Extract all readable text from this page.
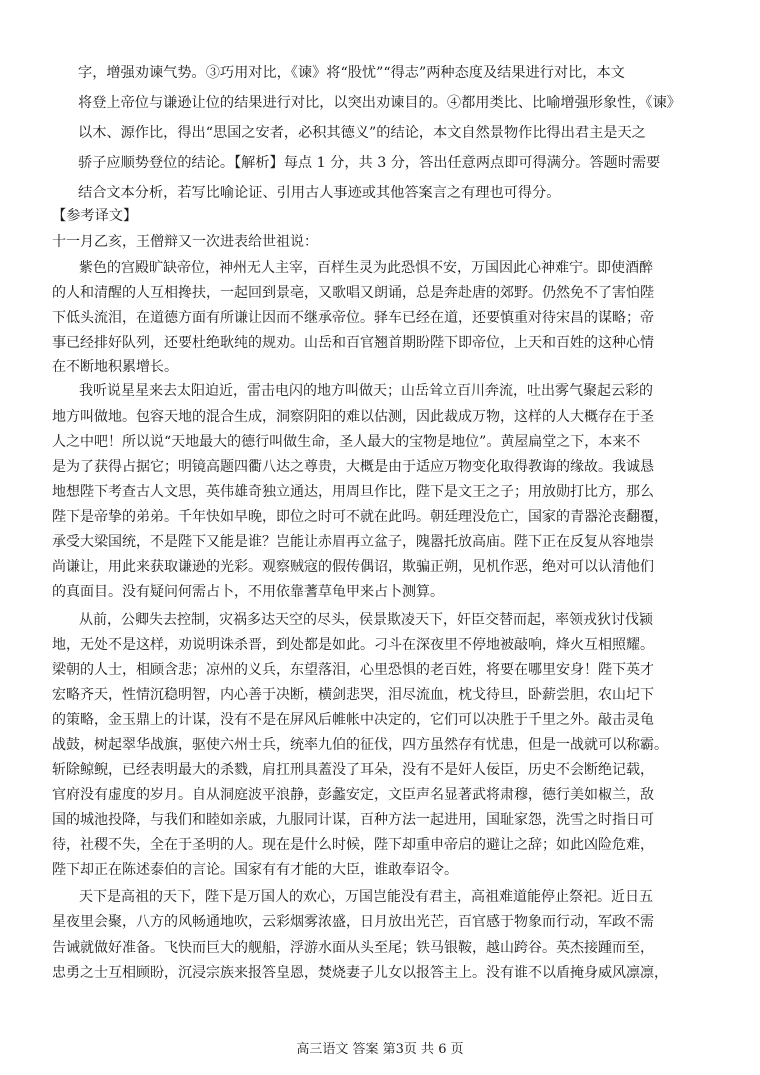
字，增强劝谏气势。③巧用对比，《谏》将“股忧”“得志”两种态度及结果进行对比，本文
将登上帝位与谦逊让位的结果进行对比，以突出劝谏目的。④都用类比、比喻增强形象性，《谏》
以木、源作比，得出“思国之安者，必积其德义”的结论，本文自然景物作比得出君主是天之
骄子应顺势登位的结论。【解析】每点 1 分，共 3 分，答出任意两点即可得满分。答题时需要
结合文本分析，若写比喻论证、引用古人事迹或其他答案言之有理也可得分。
【参考译文】
十一月乙亥，王僧辩又一次进表给世祖说：
紫色的宫殿旷缺帝位，神州无人主宰，百样生灵为此恐惧不安，万国因此心神难宁。即使酒醉
的人和清醒的人互相搀扶，一起回到景亳，又歌唱又朗诵，总是奔赴唐的郊野。仍然免不了害怕陛
下低头流泪，在道德方面有所谦让因而不继承帝位。驿车已经在道，还要慎重对待宋昌的谋略；帝
事已经排好队列，还要杜绝耿纯的规劝。山岳和百官翘首期盼陛下即帝位，上天和百姓的这种心情
在不断地积累增长。
我听说星星来去太阳迫近，雷击电闪的地方叫做天；山岳耸立百川奔流，吐出雾气聚起云彩的
地方叫做地。包容天地的混合生成，洞察阴阳的难以估测，因此裁成万物，这样的人大概存在于圣
人之中吧！所以说“天地最大的德行叫做生命，圣人最大的宝物是地位”。黄屋扁堂之下，本来不
是为了获得占据它；明镜高题四衢八达之尊贵，大概是由于适应万物变化取得教诲的缘故。我诚恳
地想陛下考查古人文思，英伟雄奇独立通达，用周旦作比，陛下是文王之子；用放勋打比方，那么
陛下是帝挚的弟弟。千年快如早晚，即位之时可不就在此吗。朝廷理没危亡，国家的青器沦丧翻覆，
承受大梁国统，不是陛下又能是谁？岂能让赤眉再立盆子，隗嚣托放高庙。陛下正在反复从容地崇
尚谦让，用此来获取谦逊的光彩。观察贼寇的假传偶诏，欺骗正朔，见机作恶，绝对可以认清他们
的真面目。没有疑问何需占卜，不用依靠蓍草龟甲来占卜测算。
从前，公卿失去控制，灾祸多达天空的尽头，侯景欺凌天下，奸臣交替而起，率领戎狄讨伐颍
地，无处不是这样，劝说明诛杀晋，到处都是如此。刁斗在深夜里不停地被敲响，烽火互相照耀。
梁朝的人士，相顾含悲；凉州的义兵，东望落泪，心里恐惧的老百姓，将要在哪里安身！陛下英才
宏略齐天，性情沉稳明智，内心善于决断，横剑悲哭，泪尽流血，枕戈待旦，卧薪尝胆，农山圮下
的策略，金玉鼎上的计谋，没有不是在屏风后帷帐中决定的，它们可以决胜于千里之外。敲击灵龟
战鼓，树起翠华战旗，驱使六州士兵，统率九伯的征伐，四方虽然存有忧患，但是一战就可以称霸。
斩除鲸鲵，已经表明最大的杀戮，肩扛刑具蓋没了耳朵，没有不是奸人佞臣，历史不会断绝记载，
官府没有虚度的岁月。自从洞庭波平浪静，彭蠡安定，文臣声名显著武将肃穆，德行美如椒兰，敌
国的城池投降，与我们和睦如亲戚，九服同计谋，百种方法一起进用，国耻家怨，洗雪之时指日可
待，社稷不失，全在于圣明的人。现在是什么时候，陛下却重申帝启的避让之辞；如此凶险危难，
陛下却正在陈述泰伯的言论。国家有有才能的大臣，谁敢奉诏令。
天下是高祖的天下，陛下是万国人的欢心，万国岂能没有君主，高祖难道能停止祭祀。近日五
星夜里会聚，八方的风畅通地吹，云彩烟雾浓盛，日月放出光芒，百官感于物象而行动，军政不需
告诫就做好准备。飞快而巨大的舰船，浮游水面从头至尾；铁马银鞍，越山跨谷。英杰接踵而至，
忠勇之士互相顾盼，沉浸宗族来报答皇恩，焚烧妻子儿女以报答主上。没有谁不以盾掩身威风凛凛，
高三语文 答案 第3页 共 6 页
